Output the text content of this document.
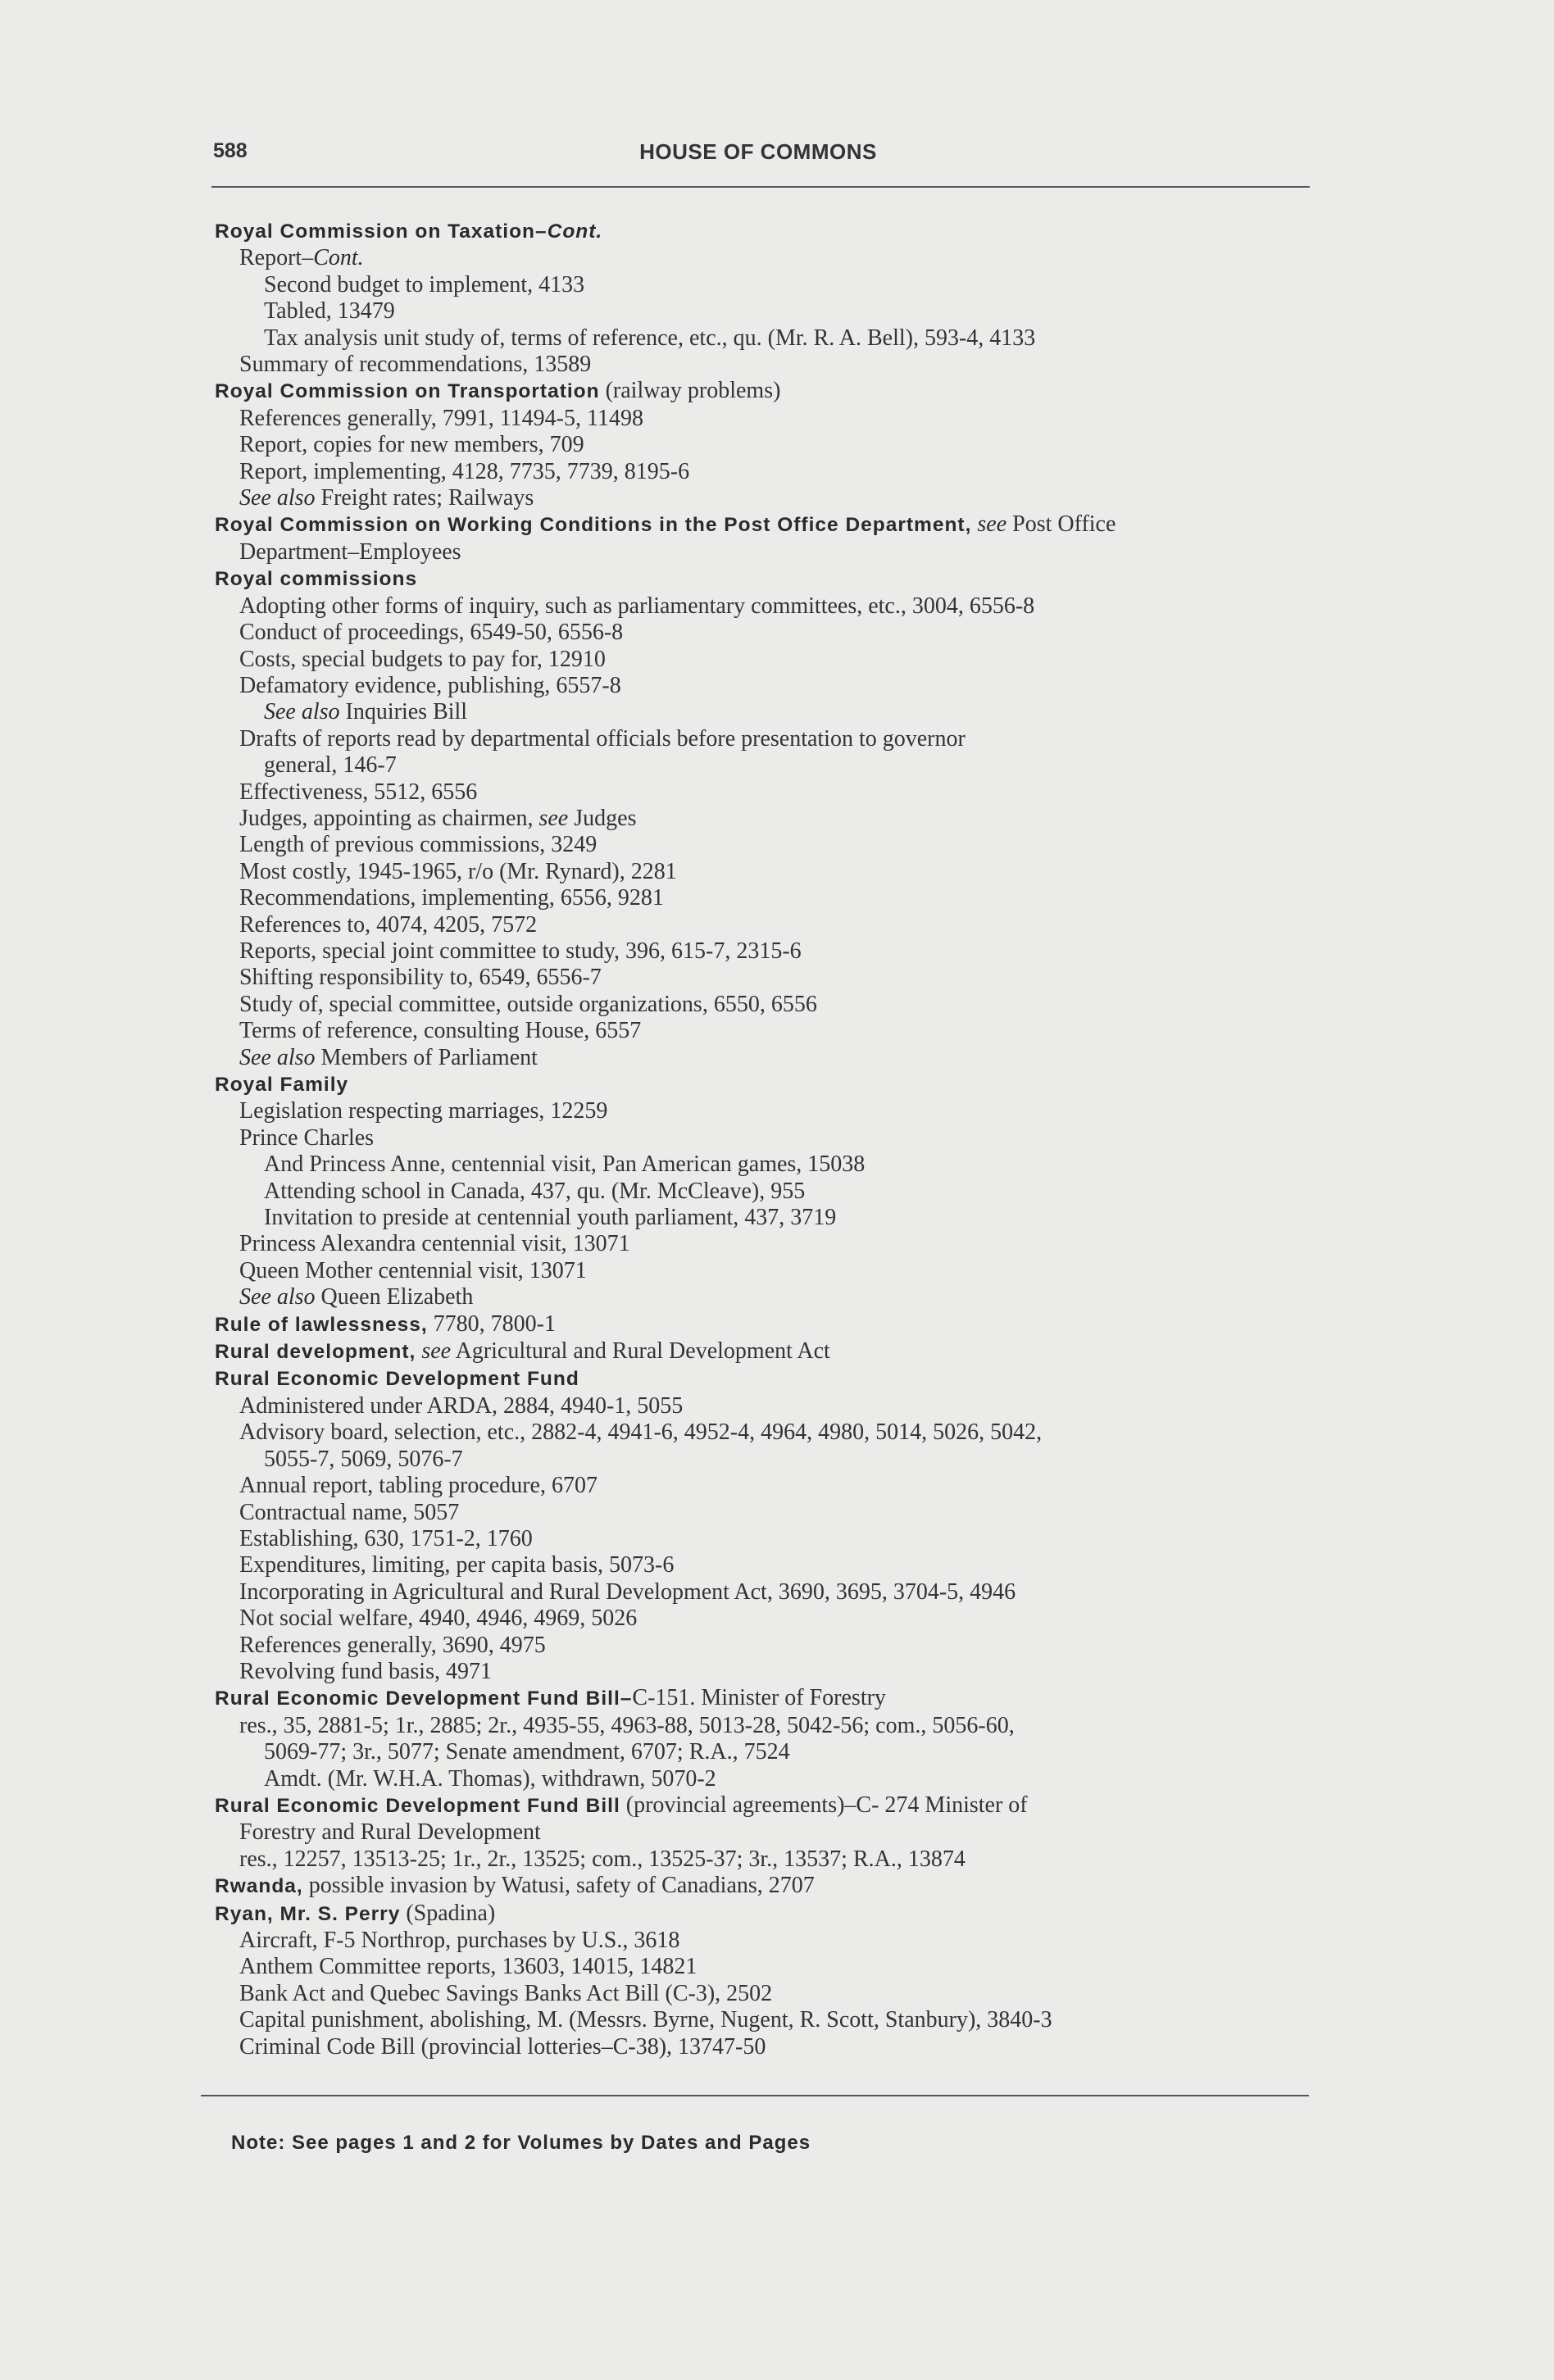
588	HOUSE OF COMMONS
Royal Commission on Taxation–Cont.
Report–Cont.
Second budget to implement, 4133
Tabled, 13479
Tax analysis unit study of, terms of reference, etc., qu. (Mr. R. A. Bell), 593-4, 4133
Summary of recommendations, 13589
Royal Commission on Transportation (railway problems)
References generally, 7991, 11494-5, 11498
Report, copies for new members, 709
Report, implementing, 4128, 7735, 7739, 8195-6
See also Freight rates; Railways
Royal Commission on Working Conditions in the Post Office Department, see Post Office
Department–Employees
Royal commissions
Adopting other forms of inquiry, such as parliamentary committees, etc., 3004, 6556-8
Conduct of proceedings, 6549-50, 6556-8
Costs, special budgets to pay for, 12910
Defamatory evidence, publishing, 6557-8
See also Inquiries Bill
Drafts of reports read by departmental officials before presentation to governor
general, 146-7
Effectiveness, 5512, 6556
Judges, appointing as chairmen, see Judges
Length of previous commissions, 3249
Most costly, 1945-1965, r/o (Mr. Rynard), 2281
Recommendations, implementing, 6556, 9281
References to, 4074, 4205, 7572
Reports, special joint committee to study, 396, 615-7, 2315-6
Shifting responsibility to, 6549, 6556-7
Study of, special committee, outside organizations, 6550, 6556
Terms of reference, consulting House, 6557
See also Members of Parliament
Royal Family
Legislation respecting marriages, 12259
Prince Charles
And Princess Anne, centennial visit, Pan American games, 15038
Attending school in Canada, 437, qu. (Mr. McCleave), 955
Invitation to preside at centennial youth parliament, 437, 3719
Princess Alexandra centennial visit, 13071
Queen Mother centennial visit, 13071
See also Queen Elizabeth
Rule of lawlessness, 7780, 7800-1
Rural development, see Agricultural and Rural Development Act
Rural Economic Development Fund
Administered under ARDA, 2884, 4940-1, 5055
Advisory board, selection, etc., 2882-4, 4941-6, 4952-4, 4964, 4980, 5014, 5026, 5042,
5055-7, 5069, 5076-7
Annual report, tabling procedure, 6707
Contractual name, 5057
Establishing, 630, 1751-2, 1760
Expenditures, limiting, per capita basis, 5073-6
Incorporating in Agricultural and Rural Development Act, 3690, 3695, 3704-5, 4946
Not social welfare, 4940, 4946, 4969, 5026
References generally, 3690, 4975
Revolving fund basis, 4971
Rural Economic Development Fund Bill–C-151. Minister of Forestry
res., 35, 2881-5; 1r., 2885; 2r., 4935-55, 4963-88, 5013-28, 5042-56; com., 5056-60,
5069-77; 3r., 5077; Senate amendment, 6707; R.A., 7524
Amdt. (Mr. W.H.A. Thomas), withdrawn, 5070-2
Rural Economic Development Fund Bill (provincial agreements)–C- 274 Minister of
Forestry and Rural Development
res., 12257, 13513-25; 1r., 2r., 13525; com., 13525-37; 3r., 13537; R.A., 13874
Rwanda, possible invasion by Watusi, safety of Canadians, 2707
Ryan, Mr. S. Perry (Spadina)
Aircraft, F-5 Northrop, purchases by U.S., 3618
Anthem Committee reports, 13603, 14015, 14821
Bank Act and Quebec Savings Banks Act Bill (C-3), 2502
Capital punishment, abolishing, M. (Messrs. Byrne, Nugent, R. Scott, Stanbury), 3840-3
Criminal Code Bill (provincial lotteries–C-38), 13747-50
Note: See pages 1 and 2 for Volumes by Dates and Pages
